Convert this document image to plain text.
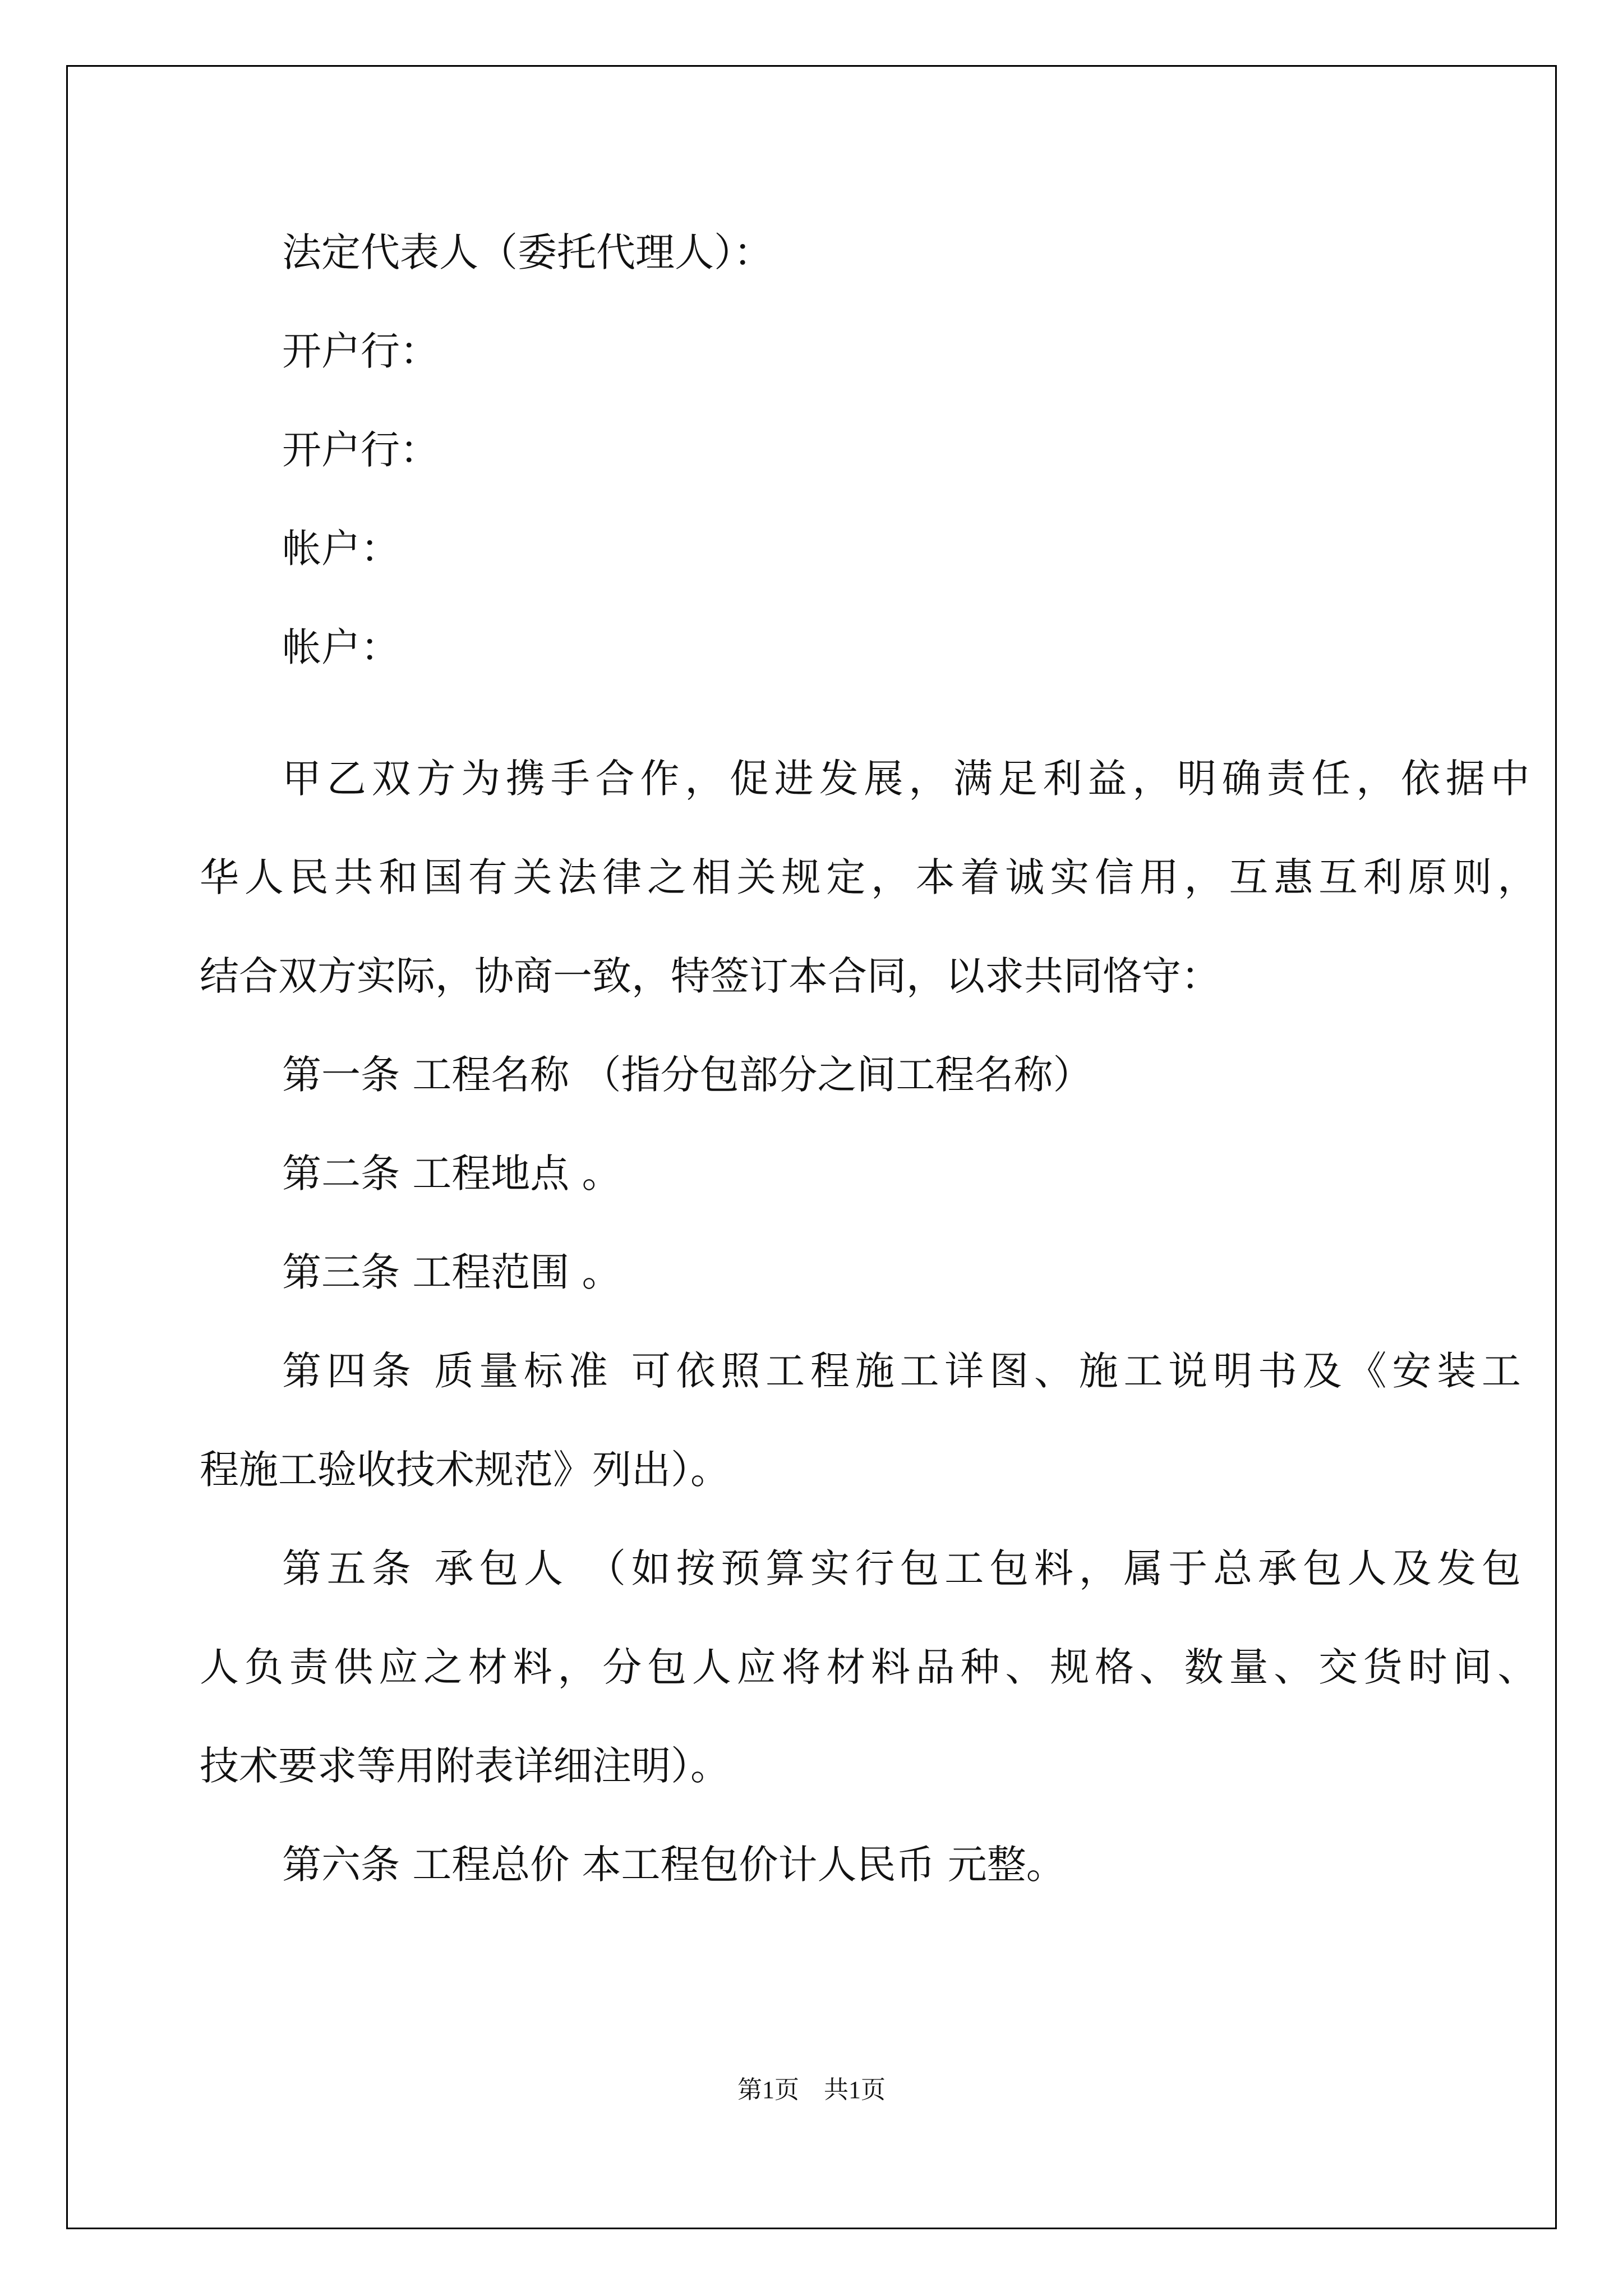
法定代表人（委托代理人）：

开户行：

开户行：

帐户：

帐户：

甲乙双方为携手合作，促进发展，满足利益，明确责任，依据中

华人民共和国有关法律之相关规定，本着诚实信用，互惠互利原则，

结合双方实际，协商一致，特签订本合同，以求共同恪守：

第一条 工程名称 （指分包部分之间工程名称）

第二条 工程地点 。

第三条 工程范围 。

第四条 质量标准 可依照工程施工详图、施工说明书及《安装工

程施工验收技术规范》列出）。

第五条 承包人 （如按预算实行包工包料，属于总承包人及发包

人负责供应之材料，分包人应将材料品种、规格、数量、交货时间、

技术要求等用附表详细注明）。

第六条 工程总价 本工程包价计人民币 元整。

第1页 共1页
